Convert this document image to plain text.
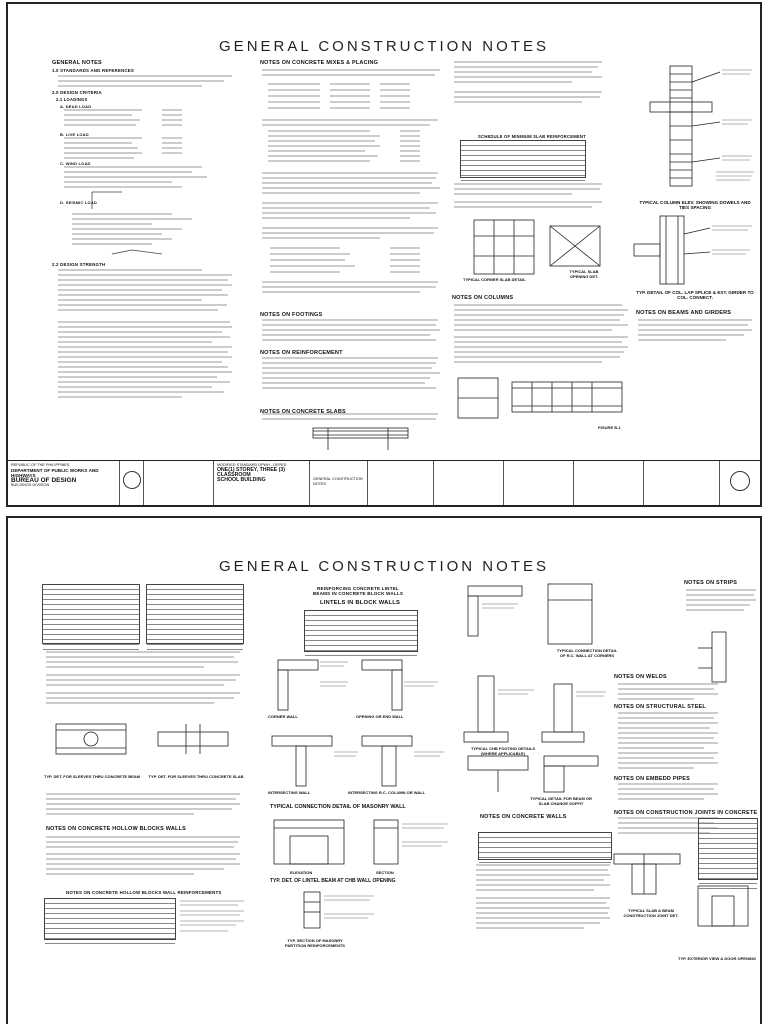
GENERAL CONSTRUCTION NOTES
GENERAL NOTES
1.0 STANDARDS AND REFERENCES
2.0 DESIGN CRITERIA
2.1 LOADINGS
A. DEAD LOAD
B. LIVE LOAD
C. WIND LOAD
D. SEISMIC LOAD
2.2 DESIGN STRENGTH
NOTES ON CONCRETE MIXES & PLACING
NOTES ON FOOTINGS
NOTES ON REINFORCEMENT
NOTES ON CONCRETE SLABS
SCHEDULE OF MINIMUM SLAB REINFORCEMENT
TYPICAL CORNER SLAB DETAIL
TYPICAL SLAB OPENING DET.
NOTES ON COLUMNS
FIGURE B-1
TYPICAL COLUMN ELEV. SHOWING DOWELS AND TIES SPACING
TYP. DETAIL OF COL. LAP SPLICE & EXT. GIRDER TO COL. CONNECT.
NOTES ON BEAMS AND GIRDERS
REPUBLIC OF THE PHILIPPINES
DEPARTMENT OF PUBLIC WORKS AND HIGHWAYS
BUREAU OF DESIGN
BUILDINGS DIVISION
MODIFIED STANDARD DPWH - DEPED
ONE(1) STOREY, THREE (3) CLASSROOM
SCHOOL BUILDING	GENERAL CONSTRUCTION NOTES
GENERAL CONSTRUCTION NOTES
TYP. DET. FOR SLEEVES THRU CONCRETE BEAM TYP. DET. FOR SLEEVES THRU CONCRETE SLAB
NOTES ON CONCRETE HOLLOW BLOCKS WALLS
NOTES ON CONCRETE HOLLOW BLOCKS WALL REINFORCEMENTS
REINFORCING CONCRETE LINTEL BEAMS IN CONCRETE BLOCK WALLS
LINTELS IN BLOCK WALLS
CORNER WALL	OPENING OR END WALL
INTERSECTING WALL	INTERSECTING R.C. COLUMN OR WALL
TYPICAL CONNECTION DETAIL OF MASONRY WALL
ELEVATION	SECTION
TYP. DET. OF LINTEL BEAM AT CHB WALL OPENING
TYP. SECTION OF MASONRY PARTITION REINFORCEMENTS
TYPICAL CONNECTION DETAIL OF R.C. WALL AT CORNERS
TYPICAL CHB FOOTING DETAILS (WHERE APPLICABLE)
TYPICAL DETAIL FOR BEAM OR SLAB CHANGE SOFFIT
NOTES ON CONCRETE WALLS
NOTES ON WELDS
NOTES ON STRUCTURAL STEEL
NOTES ON EMBEDD PIPES
NOTES ON CONSTRUCTION JOINTS IN CONCRETE
TYPICAL SLAB & BEAM CONSTRUCTION JOINT DET.
NOTES ON STRIPS
TYP. EXTERIOR VIEW & DOOR OPENING
